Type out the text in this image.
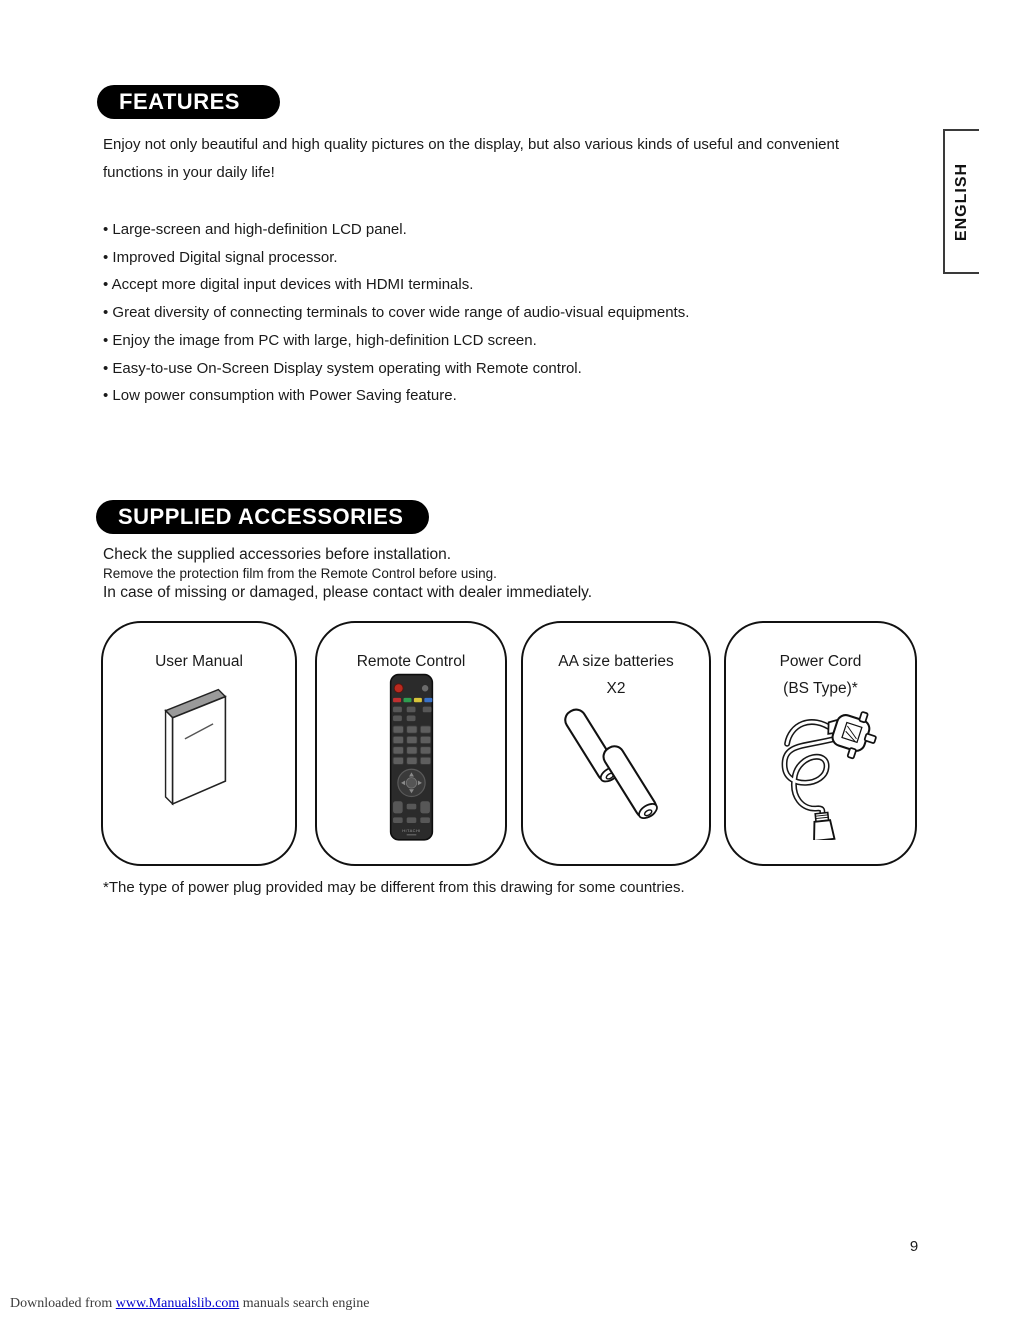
FEATURES
Enjoy not only beautiful and high quality pictures on the display, but also various kinds of useful and convenient
functions in your daily life!
• Large-screen and high-definition LCD panel.
• Improved Digital signal processor.
• Accept more digital input devices with HDMI terminals.
• Great diversity of connecting terminals to cover wide range of audio-visual equipments.
• Enjoy the image from PC with large, high-definition LCD screen.
• Easy-to-use On-Screen Display system operating with Remote control.
• Low power consumption with Power Saving feature.
SUPPLIED ACCESSORIES
Check the supplied accessories before installation.
Remove the protection film from the Remote Control before using.
In case of missing or damaged, please contact with dealer immediately.
User Manual	Remote Control
HITACHI
AA size batteries
X2
Power Cord
(BS Type)*
*The type of power plug provided may be different from this drawing for some countries.
ENGLISH
9
Downloaded from www.Manualslib.com manuals search engine
